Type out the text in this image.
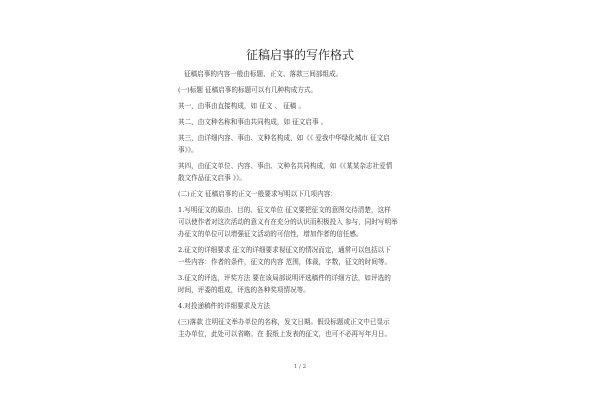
征稿启事的写作格式
征稿启事的内容一般由标题、正文、落款三间部组成。
(一)标题 征稿启事的标题可以有几种构成方式。
其一，由事由直接构成，如 征文 、 征稿 。
其二，由文种名称和事由共同构成，如 征文启事 。
其三，由详细内容、事由、文种名构成，如《《 爱我中华绿化城市 征文启
事》》。
其四，由征文单位、内容、事由、文种名共同构成，如《《某某杂志社爱情
散文作品征文启事 》》。
(二)正文 征稿启事的正文一般要求写明以下几项内容：
1.写明征文的原由、目的、征文单位 征文要把征文的意图交待清楚，这样
可以使作者对这次活动的意义有在充分的认识而积极投入 参与，同时写明举
办征文的单位可以增强征文活动的可信性，增加作者的信任感。
2.征文的详细要求 征文的详细要求视征文的情况而定，通常可以包括以下
一些内容：作者的条件，征文的内容 范围，体裁，字数，征文的时间等。
3.征文的评选，评奖方法 要在该局部说明评选稿件的详细方法，如评选的
时间，评委的组成，评选的各种奖项情况等。
4.对投递稿件的详细要求及方法
(三)落款 注明征文举办单位的名称，发文日期。假设标题或正文中已显示
主办单位，此处可以省略。在 报纸上发表的征文，也可不必再写年月日。
1 / 2
